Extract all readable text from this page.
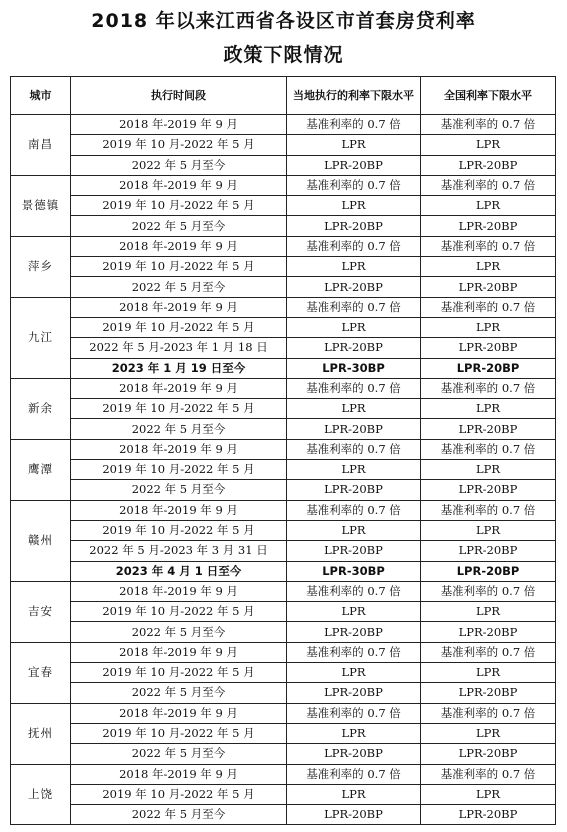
2018 年以来江西省各设区市首套房贷利率
政策下限情况
城市	执行时间段	当地执行的利率下限水平	全国利率下限水平
南昌	2018 年-2019 年 9 月	基准利率的 0.7 倍	基准利率的 0.7 倍
	2019 年 10 月-2022 年 5 月	LPR	LPR
	2022 年 5 月至今	LPR-20BP	LPR-20BP
景德镇	2018 年-2019 年 9 月	基准利率的 0.7 倍	基准利率的 0.7 倍
	2019 年 10 月-2022 年 5 月	LPR	LPR
	2022 年 5 月至今	LPR-20BP	LPR-20BP
萍乡	2018 年-2019 年 9 月	基准利率的 0.7 倍	基准利率的 0.7 倍
	2019 年 10 月-2022 年 5 月	LPR	LPR
	2022 年 5 月至今	LPR-20BP	LPR-20BP
九江	2018 年-2019 年 9 月	基准利率的 0.7 倍	基准利率的 0.7 倍
	2019 年 10 月-2022 年 5 月	LPR	LPR
	2022 年 5 月-2023 年 1 月 18 日	LPR-20BP	LPR-20BP
	2023 年 1 月 19 日至今	LPR-30BP	LPR-20BP
新余	2018 年-2019 年 9 月	基准利率的 0.7 倍	基准利率的 0.7 倍
	2019 年 10 月-2022 年 5 月	LPR	LPR
	2022 年 5 月至今	LPR-20BP	LPR-20BP
鹰潭	2018 年-2019 年 9 月	基准利率的 0.7 倍	基准利率的 0.7 倍
	2019 年 10 月-2022 年 5 月	LPR	LPR
	2022 年 5 月至今	LPR-20BP	LPR-20BP
赣州	2018 年-2019 年 9 月	基准利率的 0.7 倍	基准利率的 0.7 倍
	2019 年 10 月-2022 年 5 月	LPR	LPR
	2022 年 5 月-2023 年 3 月 31 日	LPR-20BP	LPR-20BP
	2023 年 4 月 1 日至今	LPR-30BP	LPR-20BP
吉安	2018 年-2019 年 9 月	基准利率的 0.7 倍	基准利率的 0.7 倍
	2019 年 10 月-2022 年 5 月	LPR	LPR
	2022 年 5 月至今	LPR-20BP	LPR-20BP
宜春	2018 年-2019 年 9 月	基准利率的 0.7 倍	基准利率的 0.7 倍
	2019 年 10 月-2022 年 5 月	LPR	LPR
	2022 年 5 月至今	LPR-20BP	LPR-20BP
抚州	2018 年-2019 年 9 月	基准利率的 0.7 倍	基准利率的 0.7 倍
	2019 年 10 月-2022 年 5 月	LPR	LPR
	2022 年 5 月至今	LPR-20BP	LPR-20BP
上饶	2018 年-2019 年 9 月	基准利率的 0.7 倍	基准利率的 0.7 倍
	2019 年 10 月-2022 年 5 月	LPR	LPR
	2022 年 5 月至今	LPR-20BP	LPR-20BP
